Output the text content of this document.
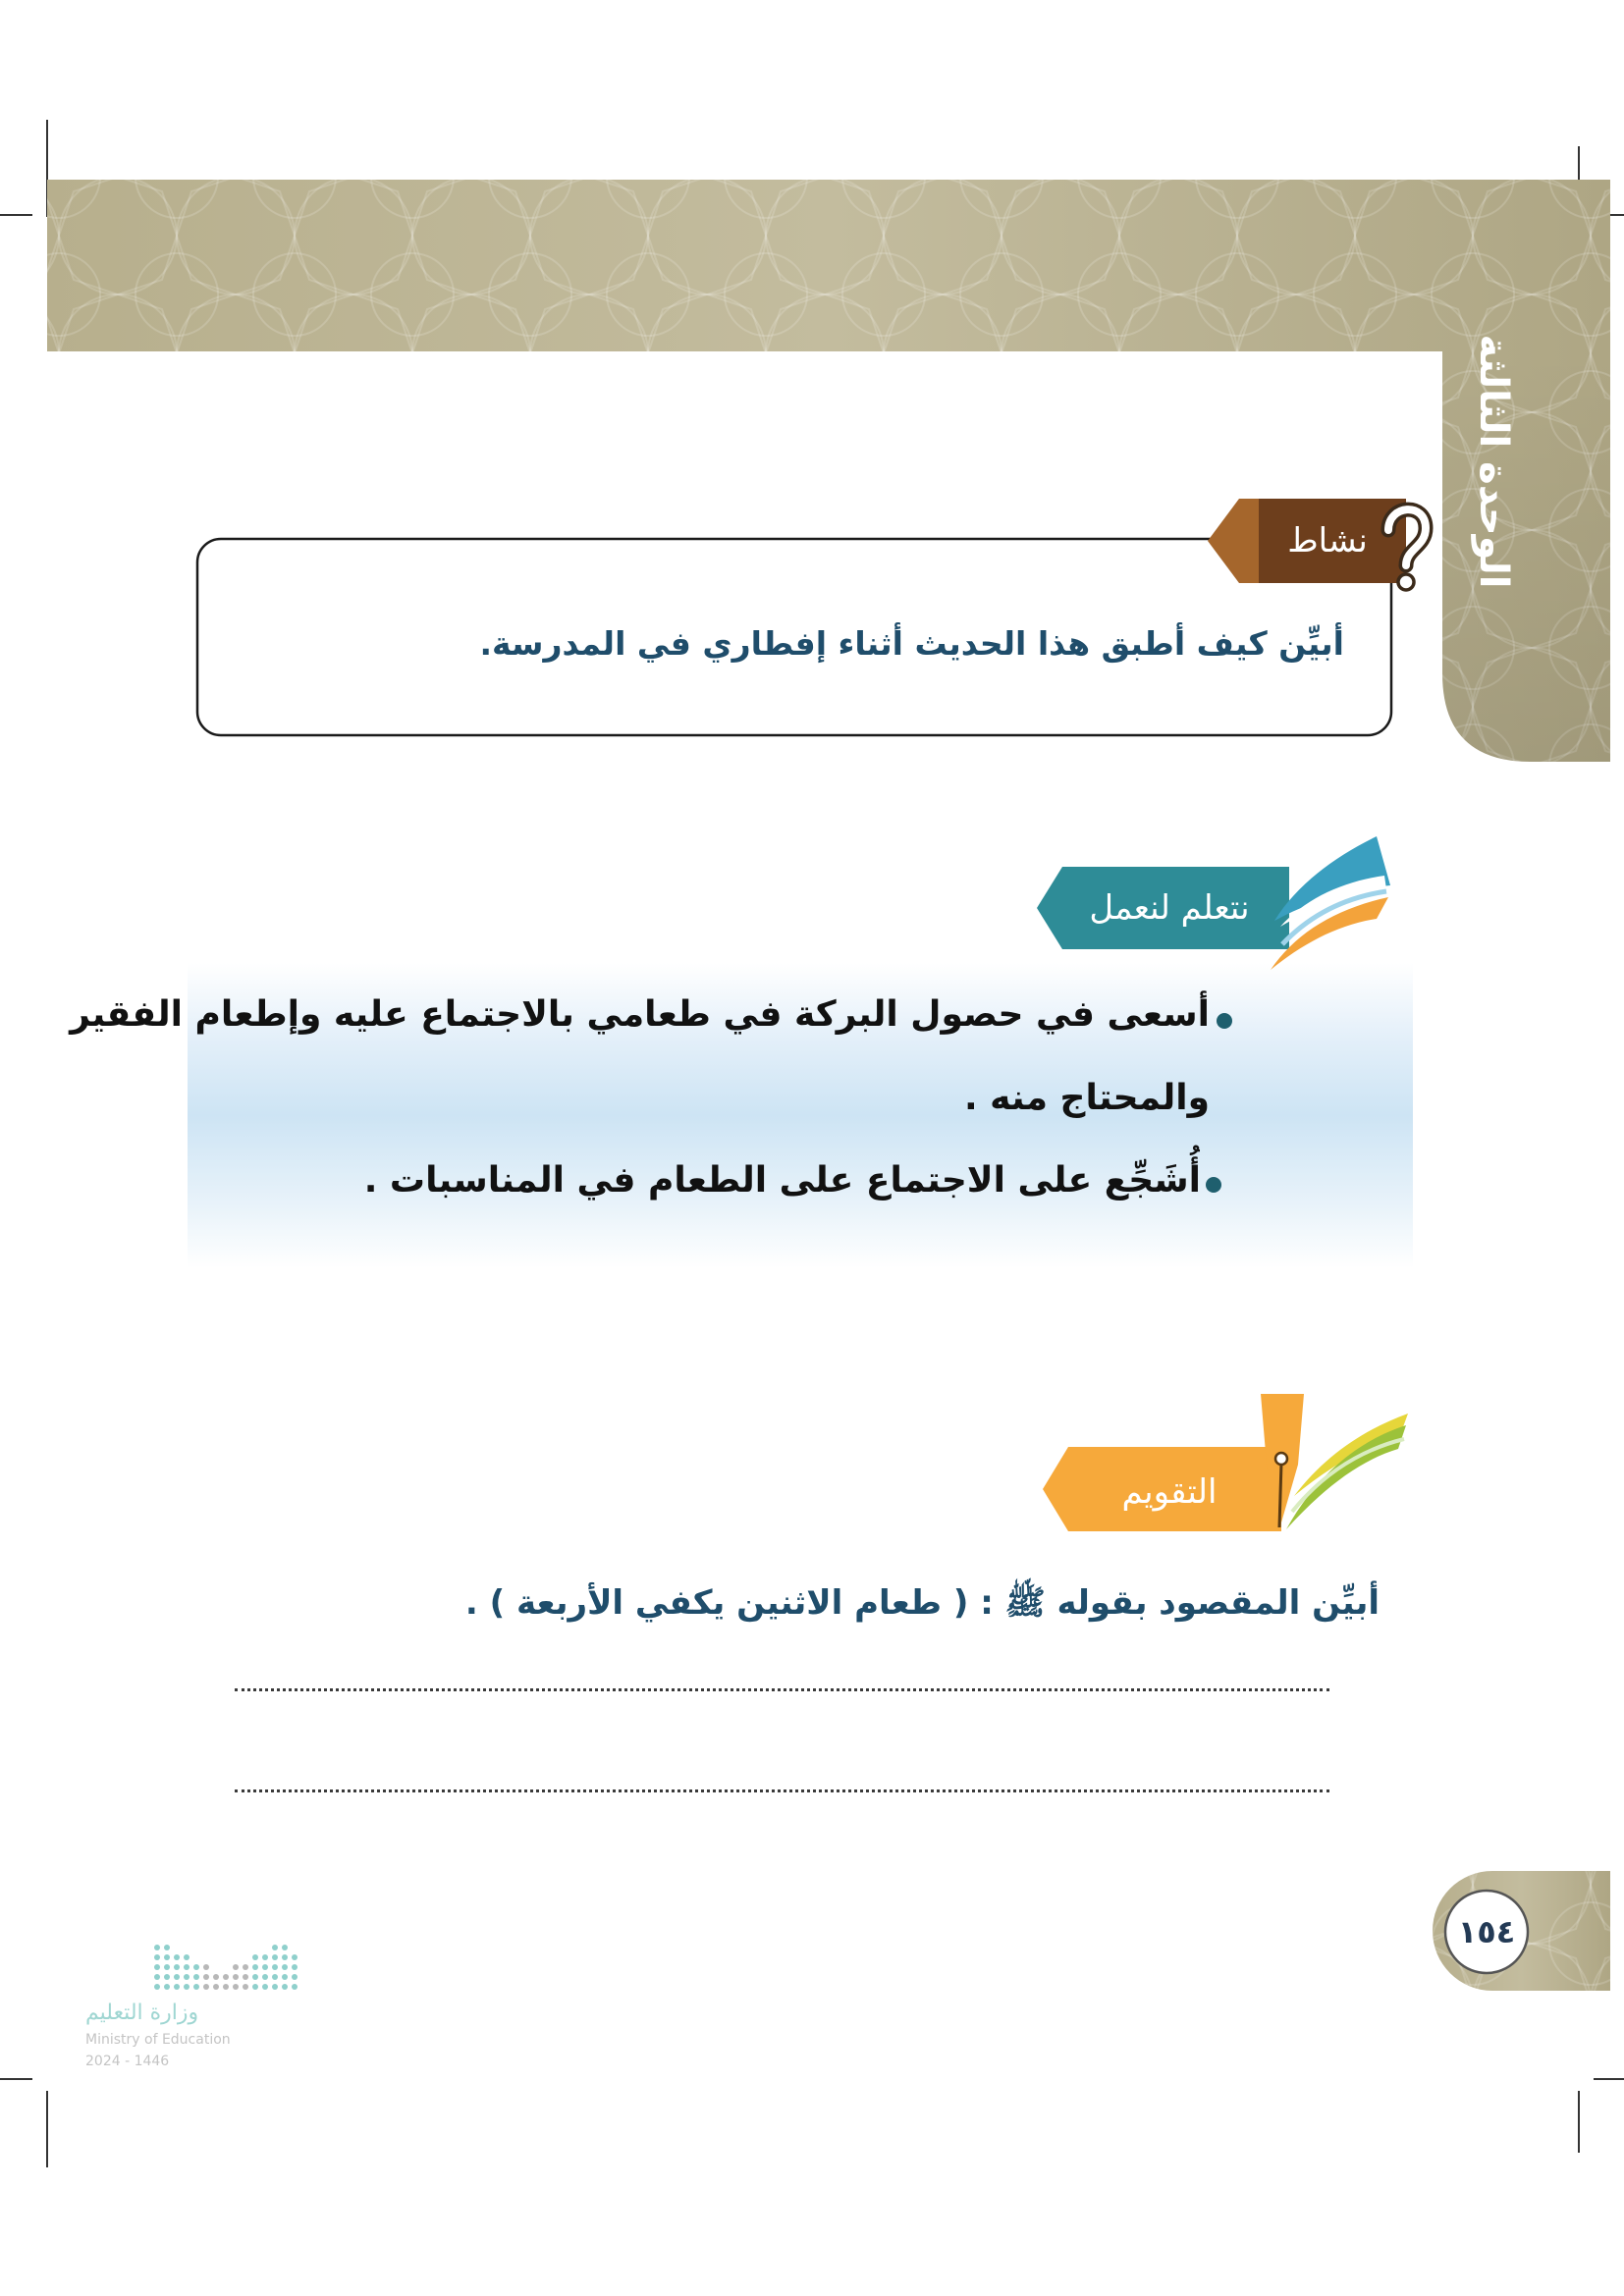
الوحدة الثالثة
نشاط
أبيِّن كيف أطبق هذا الحديث أثناء إفطاري في المدرسة.
نتعلم لنعمل
أسعى في حصول البركة في طعامي بالاجتماع عليه وإطعام الفقير
والمحتاج منه .
أُشَجِّع على الاجتماع على الطعام في المناسبات .
التقويم
أبيِّن المقصود بقوله ﷺ : ( طعام الاثنين يكفي الأربعة ) .
١٥٤
وزارة التعليم
Ministry of Education
2024 - 1446
